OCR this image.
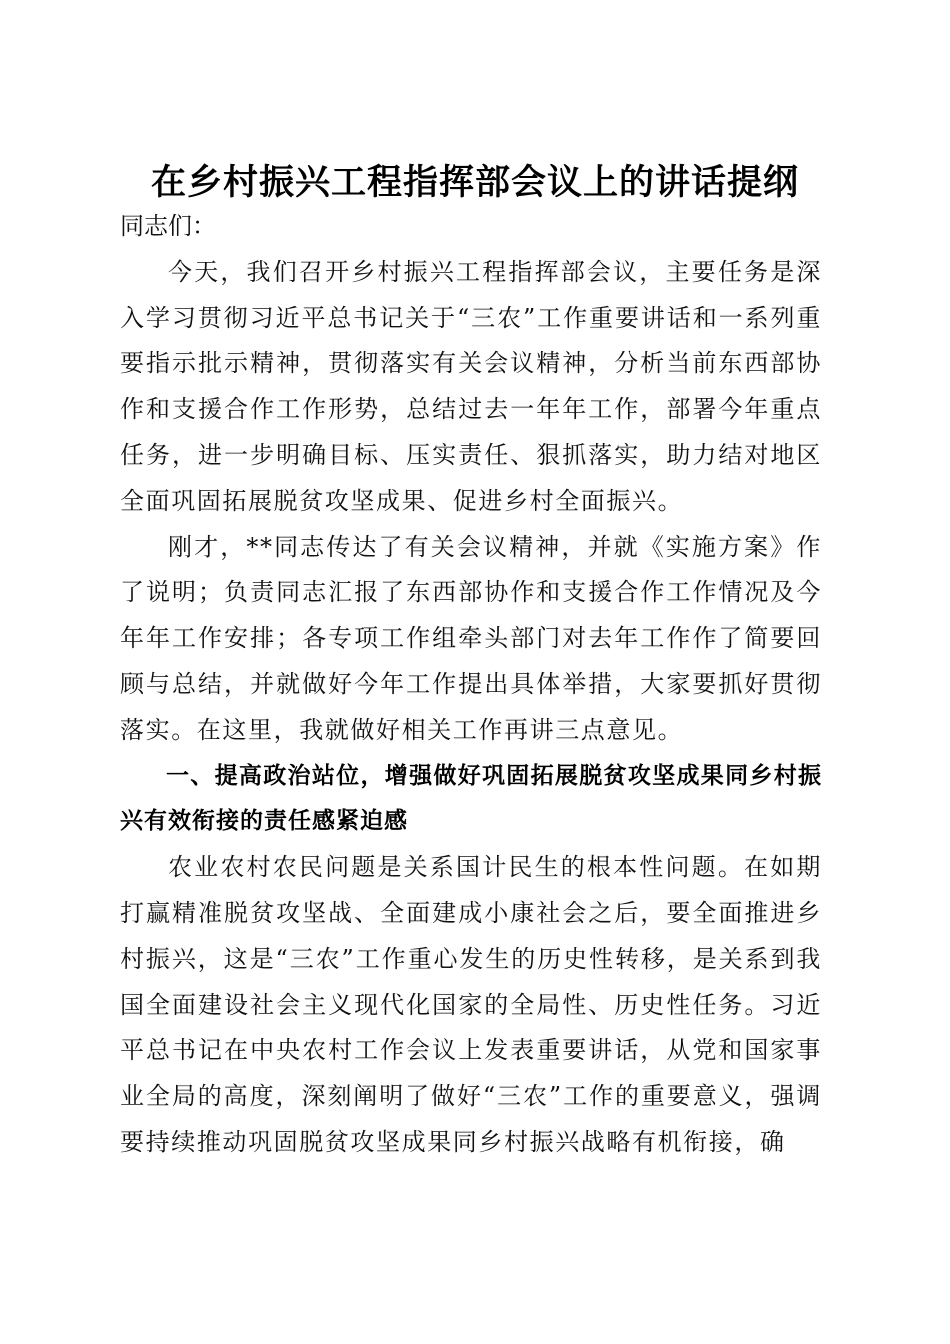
在乡村振兴工程指挥部会议上的讲话提纲

同志们：

今天，我们召开乡村振兴工程指挥部会议，主要任务是深入学习贯彻习近平总书记关于“三农”工作重要讲话和一系列重要指示批示精神，贯彻落实有关会议精神，分析当前东西部协作和支援合作工作形势，总结过去一年年工作，部署今年重点任务，进一步明确目标、压实责任、狠抓落实，助力结对地区全面巩固拓展脱贫攻坚成果、促进乡村全面振兴。

刚才，**同志传达了有关会议精神，并就《实施方案》作了说明；负责同志汇报了东西部协作和支援合作工作情况及今年年工作安排；各专项工作组牵头部门对去年工作作了简要回顾与总结，并就做好今年工作提出具体举措，大家要抓好贯彻落实。在这里，我就做好相关工作再讲三点意见。

一、提高政治站位，增强做好巩固拓展脱贫攻坚成果同乡村振兴有效衔接的责任感紧迫感

农业农村农民问题是关系国计民生的根本性问题。在如期打赢精准脱贫攻坚战、全面建成小康社会之后，要全面推进乡村振兴，这是“三农”工作重心发生的历史性转移，是关系到我国全面建设社会主义现代化国家的全局性、历史性任务。习近平总书记在中央农村工作会议上发表重要讲话，从党和国家事业全局的高度，深刻阐明了做好“三农”工作的重要意义，强调要持续推动巩固脱贫攻坚成果同乡村振兴战略有机衔接，确
